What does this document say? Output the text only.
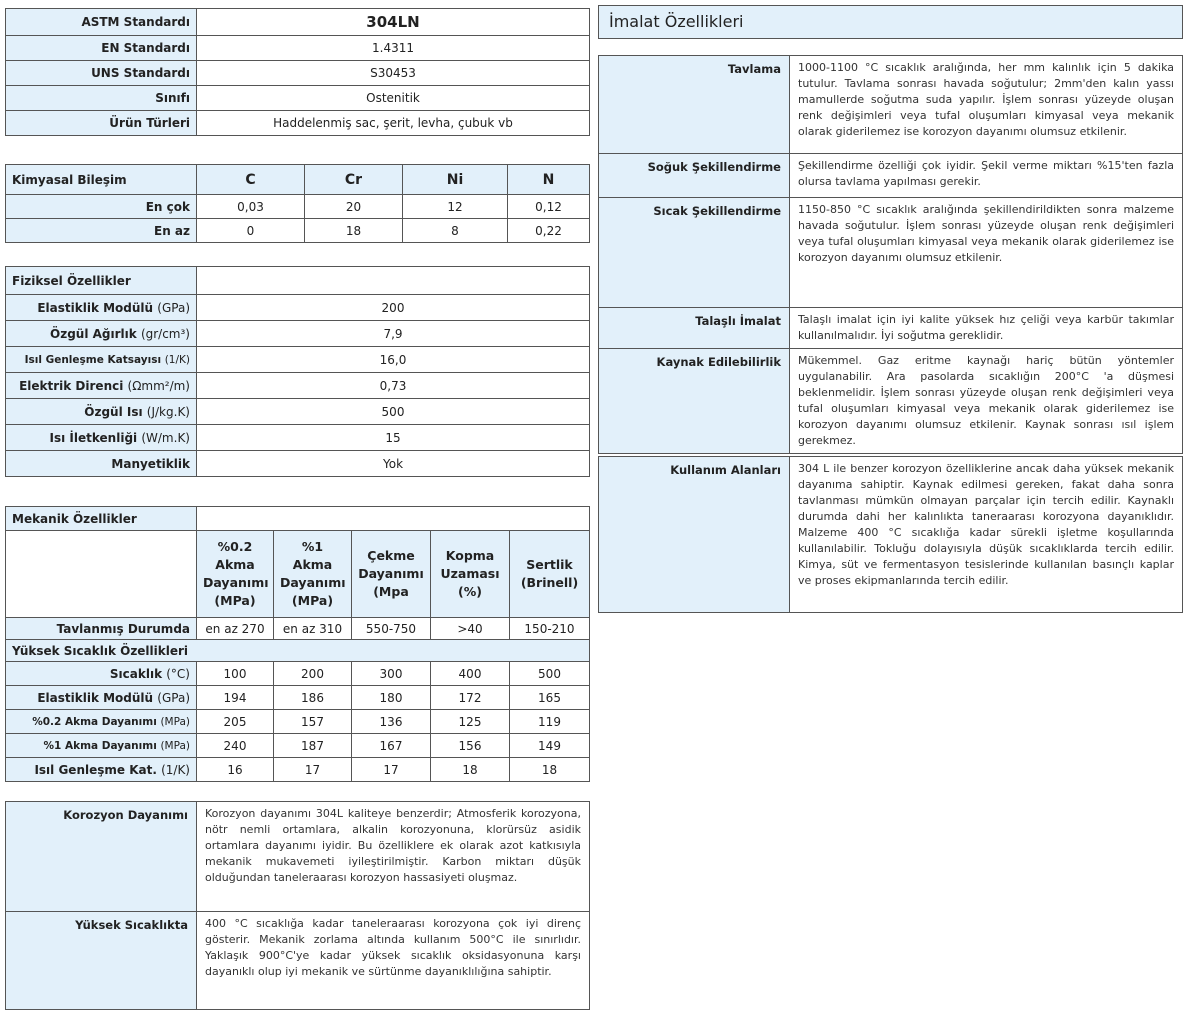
ASTM Standardı	304LN
EN Standardı	1.4311
UNS Standardı	S30453
Sınıfı	Ostenitik
Ürün Türleri	Haddelenmiş sac, şerit, levha, çubuk vb
Kimyasal Bileşim	C	Cr	Ni	N
En çok	0,03	20	12	0,12
En az	0	18	8	0,22
Fiziksel Özellikler	
Elastiklik Modülü (GPa)	200
Özgül Ağırlık (gr/cm³)	7,9
Isıl Genleşme Katsayısı (1/K)	16,0
Elektrik Direnci (Ωmm²/m)	0,73
Özgül Isı (J/kg.K)	500
Isı İletkenliği (W/m.K)	15
Manyetiklik	Yok
Mekanik Özellikler					
	%0.2 Akma Dayanımı (MPa)	%1 Akma Dayanımı (MPa)	Çekme Dayanımı (Mpa	Kopma Uzaması (%)	Sertlik (Brinell)
Tavlanmış Durumda	en az 270	en az 310	550-750	>40	150-210
Yüksek Sıcaklık Özellikleri					
Sıcaklık (°C)	100	200	300	400	500
Elastiklik Modülü (GPa)	194	186	180	172	165
%0.2 Akma Dayanımı (MPa)	205	157	136	125	119
%1 Akma Dayanımı (MPa)	240	187	167	156	149
Isıl Genleşme Kat. (1/K)	16	17	17	18	18
Korozyon Dayanımı	Korozyon dayanımı 304L kaliteye benzerdir; Atmosferik korozyona, nötr nemli ortamlara, alkalin korozyonuna, klorürsüz asidik ortamlara dayanımı iyidir. Bu özelliklere ek olarak azot katkısıyla mekanik mukavemeti iyileştirilmiştir. Karbon miktarı düşük olduğundan taneleraarası korozyon hassasiyeti oluşmaz.
Yüksek Sıcaklıkta	400 °C sıcaklığa kadar taneleraarası korozyona çok iyi direnç gösterir. Mekanik zorlama altında kullanım 500°C ile sınırlıdır. Yaklaşık 900°C'ye kadar yüksek sıcaklık oksidasyonuna karşı dayanıklı olup iyi mekanik ve sürtünme dayanıklılığına sahiptir.
İmalat Özellikleri
Tavlama	1000-1100 °C sıcaklık aralığında, her mm kalınlık için 5 dakika tutulur. Tavlama sonrası havada soğutulur; 2mm'den kalın yassı mamullerde soğutma suda yapılır. İşlem sonrası yüzeyde oluşan renk değişimleri veya tufal oluşumları kimyasal veya mekanik olarak giderilemez ise korozyon dayanımı olumsuz etkilenir.
Soğuk Şekillendirme	Şekillendirme özelliği çok iyidir. Şekil verme miktarı %15'ten fazla olursa tavlama yapılması gerekir.
Sıcak Şekillendirme	1150-850 °C sıcaklık aralığında şekillendirildikten sonra malzeme havada soğutulur. İşlem sonrası yüzeyde oluşan renk değişimleri veya tufal oluşumları kimyasal veya mekanik olarak giderilemez ise korozyon dayanımı olumsuz etkilenir.
Talaşlı İmalat	Talaşlı imalat için iyi kalite yüksek hız çeliği veya karbür takımlar kullanılmalıdır. İyi soğutma gereklidir.
Kaynak Edilebilirlik	Mükemmel. Gaz eritme kaynağı hariç bütün yöntemler uygulanabilir. Ara pasolarda sıcaklığın 200°C 'a düşmesi beklenmelidir. İşlem sonrası yüzeyde oluşan renk değişimleri veya tufal oluşumları kimyasal veya mekanik olarak giderilemez ise korozyon dayanımı olumsuz etkilenir. Kaynak sonrası ısıl işlem gerekmez.
Kullanım Alanları	304 L ile benzer korozyon özelliklerine ancak daha yüksek mekanik dayanıma sahiptir. Kaynak edilmesi gereken, fakat daha sonra tavlanması mümkün olmayan parçalar için tercih edilir. Kaynaklı durumda dahi her kalınlıkta taneraarası korozyona dayanıklıdır. Malzeme 400 °C sıcaklığa kadar sürekli işletme koşullarında kullanılabilir. Tokluğu dolayısıyla düşük sıcaklıklarda tercih edilir. Kimya, süt ve fermentasyon tesislerinde kullanılan basınçlı kaplar ve proses ekipmanlarında tercih edilir.
